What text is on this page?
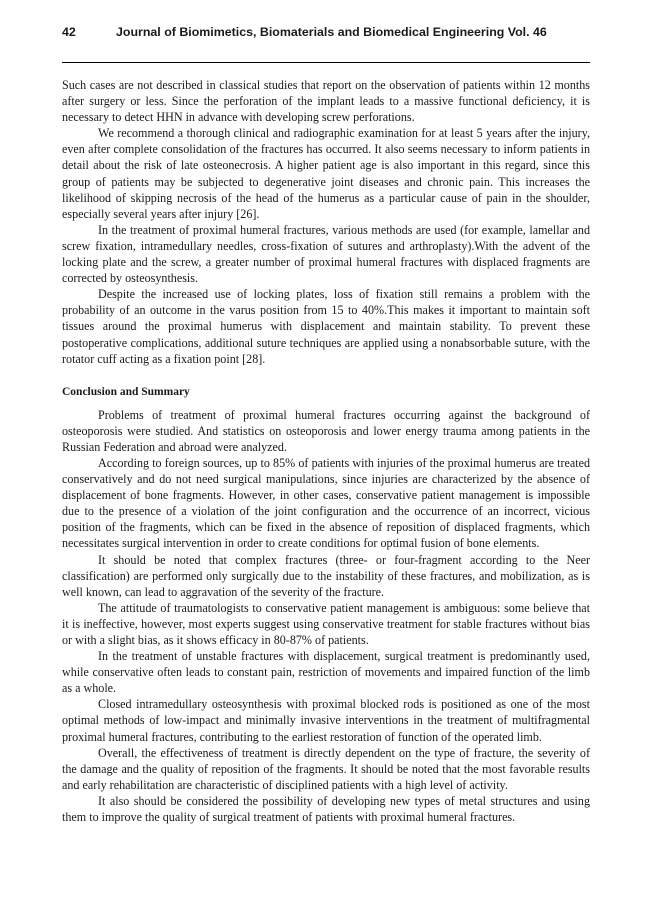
42	Journal of Biomimetics, Biomaterials and Biomedical Engineering Vol. 46

Such cases are not described in classical studies that report on the observation of patients within 12 months after surgery or less. Since the perforation of the implant leads to a massive functional deficiency, it is necessary to detect HHN in advance with developing screw perforations.

We recommend a thorough clinical and radiographic examination for at least 5 years after the injury, even after complete consolidation of the fractures has occurred. It also seems necessary to inform patients in detail about the risk of late osteonecrosis. A higher patient age is also important in this regard, since this group of patients may be subjected to degenerative joint diseases and chronic pain. This increases the likelihood of skipping necrosis of the head of the humerus as a particular cause of pain in the shoulder, especially several years after injury [26].

In the treatment of proximal humeral fractures, various methods are used (for example, lamellar and screw fixation, intramedullary needles, cross-fixation of sutures and arthroplasty).With the advent of the locking plate and the screw, a greater number of proximal humeral fractures with displaced fragments are corrected by osteosynthesis.

Despite the increased use of locking plates, loss of fixation still remains a problem with the probability of an outcome in the varus position from 15 to 40%.This makes it important to maintain soft tissues around the proximal humerus with displacement and maintain stability. To prevent these postoperative complications, additional suture techniques are applied using a nonabsorbable suture, with the rotator cuff acting as a fixation point [28].

Conclusion and Summary

Problems of treatment of proximal humeral fractures occurring against the background of osteoporosis were studied. And statistics on osteoporosis and lower energy trauma among patients in the Russian Federation and abroad were analyzed.

According to foreign sources, up to 85% of patients with injuries of the proximal humerus are treated conservatively and do not need surgical manipulations, since injuries are characterized by the absence of displacement of bone fragments. However, in other cases, conservative patient management is impossible due to the presence of a violation of the joint configuration and the occurrence of an incorrect, vicious position of the fragments, which can be fixed in the absence of reposition of displaced fragments, which necessitates surgical intervention in order to create conditions for optimal fusion of bone elements.

It should be noted that complex fractures (three- or four-fragment according to the Neer classification) are performed only surgically due to the instability of these fractures, and mobilization, as is well known, can lead to aggravation of the severity of the fracture.

The attitude of traumatologists to conservative patient management is ambiguous: some believe that it is ineffective, however, most experts suggest using conservative treatment for stable fractures without bias or with a slight bias, as it shows efficacy in 80-87% of patients.

In the treatment of unstable fractures with displacement, surgical treatment is predominantly used, while conservative often leads to constant pain, restriction of movements and impaired function of the limb as a whole.

Closed intramedullary osteosynthesis with proximal blocked rods is positioned as one of the most optimal methods of low-impact and minimally invasive interventions in the treatment of multifragmental proximal humeral fractures, contributing to the earliest restoration of function of the operated limb.

Overall, the effectiveness of treatment is directly dependent on the type of fracture, the severity of the damage and the quality of reposition of the fragments. It should be noted that the most favorable results and early rehabilitation are characteristic of disciplined patients with a high level of activity.

It also should be considered the possibility of developing new types of metal structures and using them to improve the quality of surgical treatment of patients with proximal humeral fractures.
